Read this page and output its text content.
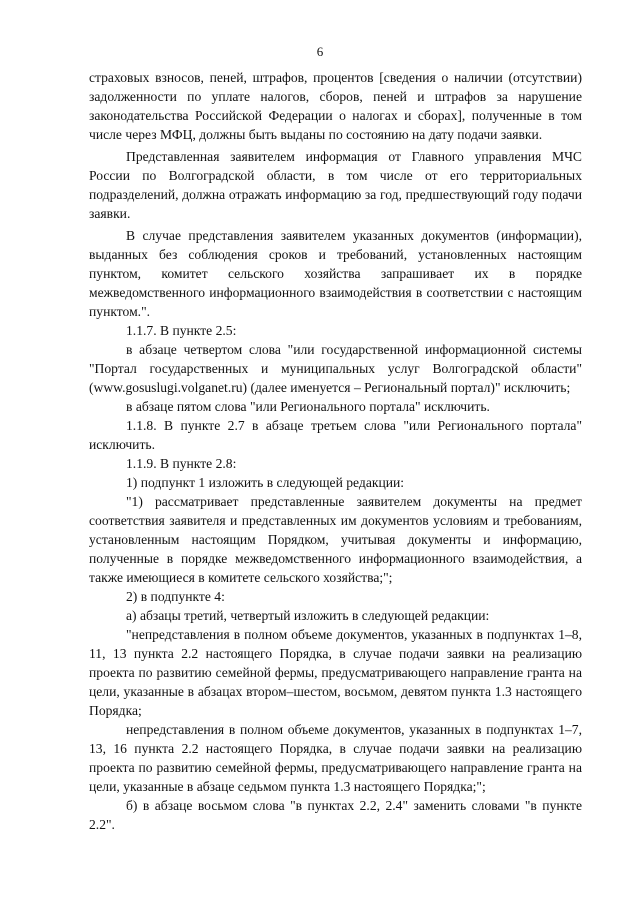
6

страховых взносов, пеней, штрафов, процентов [сведения о наличии (отсутствии) задолженности по уплате налогов, сборов, пеней и штрафов за нарушение законодательства Российской Федерации о налогах и сборах], полученные в том числе через МФЦ, должны быть выданы по состоянию на дату подачи заявки.

Представленная заявителем информация от Главного управления МЧС России по Волгоградской области, в том числе от его территориальных подразделений, должна отражать информацию за год, предшествующий году подачи заявки.

В случае представления заявителем указанных документов (информации), выданных без соблюдения сроков и требований, установленных настоящим пунктом, комитет сельского хозяйства запрашивает их в порядке межведомственного информационного взаимодействия в соответствии с настоящим пунктом.".

1.1.7. В пункте 2.5:

в абзаце четвертом слова "или государственной информационной системы "Портал государственных и муниципальных услуг Волгоградской области" (www.gosuslugi.volganet.ru) (далее именуется – Региональный портал)" исключить;

в абзаце пятом слова "или Регионального портала" исключить.

1.1.8. В пункте 2.7 в абзаце третьем слова "или Регионального портала" исключить.

1.1.9. В пункте 2.8:

1) подпункт 1 изложить в следующей редакции:

"1) рассматривает представленные заявителем документы на предмет соответствия заявителя и представленных им документов условиям и требованиям, установленным настоящим Порядком, учитывая документы и информацию, полученные в порядке межведомственного информационного взаимодействия, а также имеющиеся в комитете сельского хозяйства;";

2) в подпункте 4:

а) абзацы третий, четвертый изложить в следующей редакции:

"непредставления в полном объеме документов, указанных в подпунктах 1–8, 11, 13 пункта 2.2 настоящего Порядка, в случае подачи заявки на реализацию проекта по развитию семейной фермы, предусматривающего направление гранта на цели, указанные в абзацах втором–шестом, восьмом, девятом пункта 1.3 настоящего Порядка;

непредставления в полном объеме документов, указанных в подпунктах 1–7, 13, 16 пункта 2.2 настоящего Порядка, в случае подачи заявки на реализацию проекта по развитию семейной фермы, предусматривающего направление гранта на цели, указанные в абзаце седьмом пункта 1.3 настоящего Порядка;";

б) в абзаце восьмом слова "в пунктах 2.2, 2.4" заменить словами "в пункте 2.2".
